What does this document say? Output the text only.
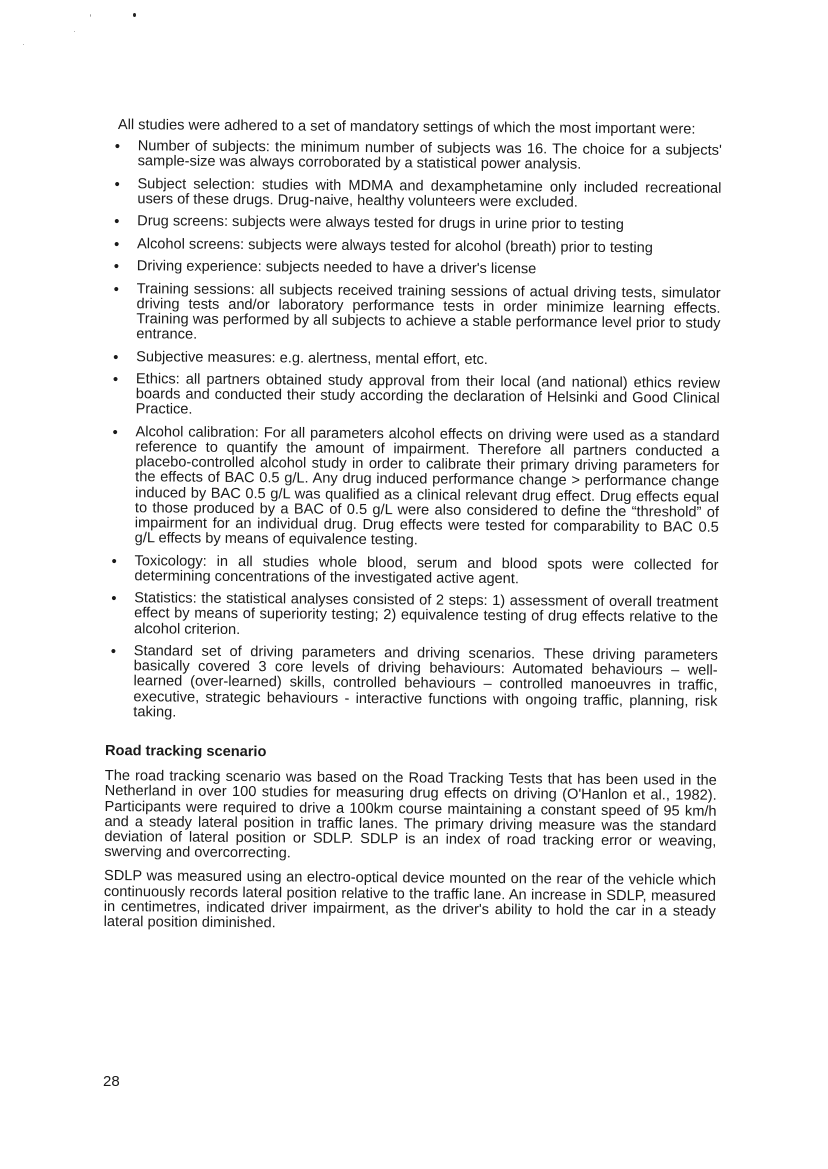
All studies were adhered to a set of mandatory settings of which the most important were:

• Number of subjects: the minimum number of subjects was 16. The choice for a subjects' sample-size was always corroborated by a statistical power analysis.
• Subject selection: studies with MDMA and dexamphetamine only included recreational users of these drugs. Drug-naive, healthy volunteers were excluded.
• Drug screens: subjects were always tested for drugs in urine prior to testing
• Alcohol screens: subjects were always tested for alcohol (breath) prior to testing
• Driving experience: subjects needed to have a driver's license
• Training sessions: all subjects received training sessions of actual driving tests, simulator driving tests and/or laboratory performance tests in order minimize learning effects. Training was performed by all subjects to achieve a stable performance level prior to study entrance.
• Subjective measures: e.g. alertness, mental effort, etc.
• Ethics: all partners obtained study approval from their local (and national) ethics review boards and conducted their study according the declaration of Helsinki and Good Clinical Practice.
• Alcohol calibration: For all parameters alcohol effects on driving were used as a standard reference to quantify the amount of impairment. Therefore all partners conducted a placebo-controlled alcohol study in order to calibrate their primary driving parameters for the effects of BAC 0.5 g/L. Any drug induced performance change > performance change induced by BAC 0.5 g/L was qualified as a clinical relevant drug effect. Drug effects equal to those produced by a BAC of 0.5 g/L were also considered to define the “threshold” of impairment for an individual drug. Drug effects were tested for comparability to BAC 0.5 g/L effects by means of equivalence testing.
• Toxicology: in all studies whole blood, serum and blood spots were collected for determining concentrations of the investigated active agent.
• Statistics: the statistical analyses consisted of 2 steps: 1) assessment of overall treatment effect by means of superiority testing; 2) equivalence testing of drug effects relative to the alcohol criterion.
• Standard set of driving parameters and driving scenarios. These driving parameters basically covered 3 core levels of driving behaviours: Automated behaviours – well-learned (over-learned) skills, controlled behaviours – controlled manoeuvres in traffic, executive, strategic behaviours - interactive functions with ongoing traffic, planning, risk taking.
Road tracking scenario

The road tracking scenario was based on the Road Tracking Tests that has been used in the Netherland in over 100 studies for measuring drug effects on driving (O'Hanlon et al., 1982). Participants were required to drive a 100km course maintaining a constant speed of 95 km/h and a steady lateral position in traffic lanes. The primary driving measure was the standard deviation of lateral position or SDLP. SDLP is an index of road tracking error or weaving, swerving and overcorrecting.

SDLP was measured using an electro-optical device mounted on the rear of the vehicle which continuously records lateral position relative to the traffic lane. An increase in SDLP, measured in centimetres, indicated driver impairment, as the driver's ability to hold the car in a steady lateral position diminished.

28
